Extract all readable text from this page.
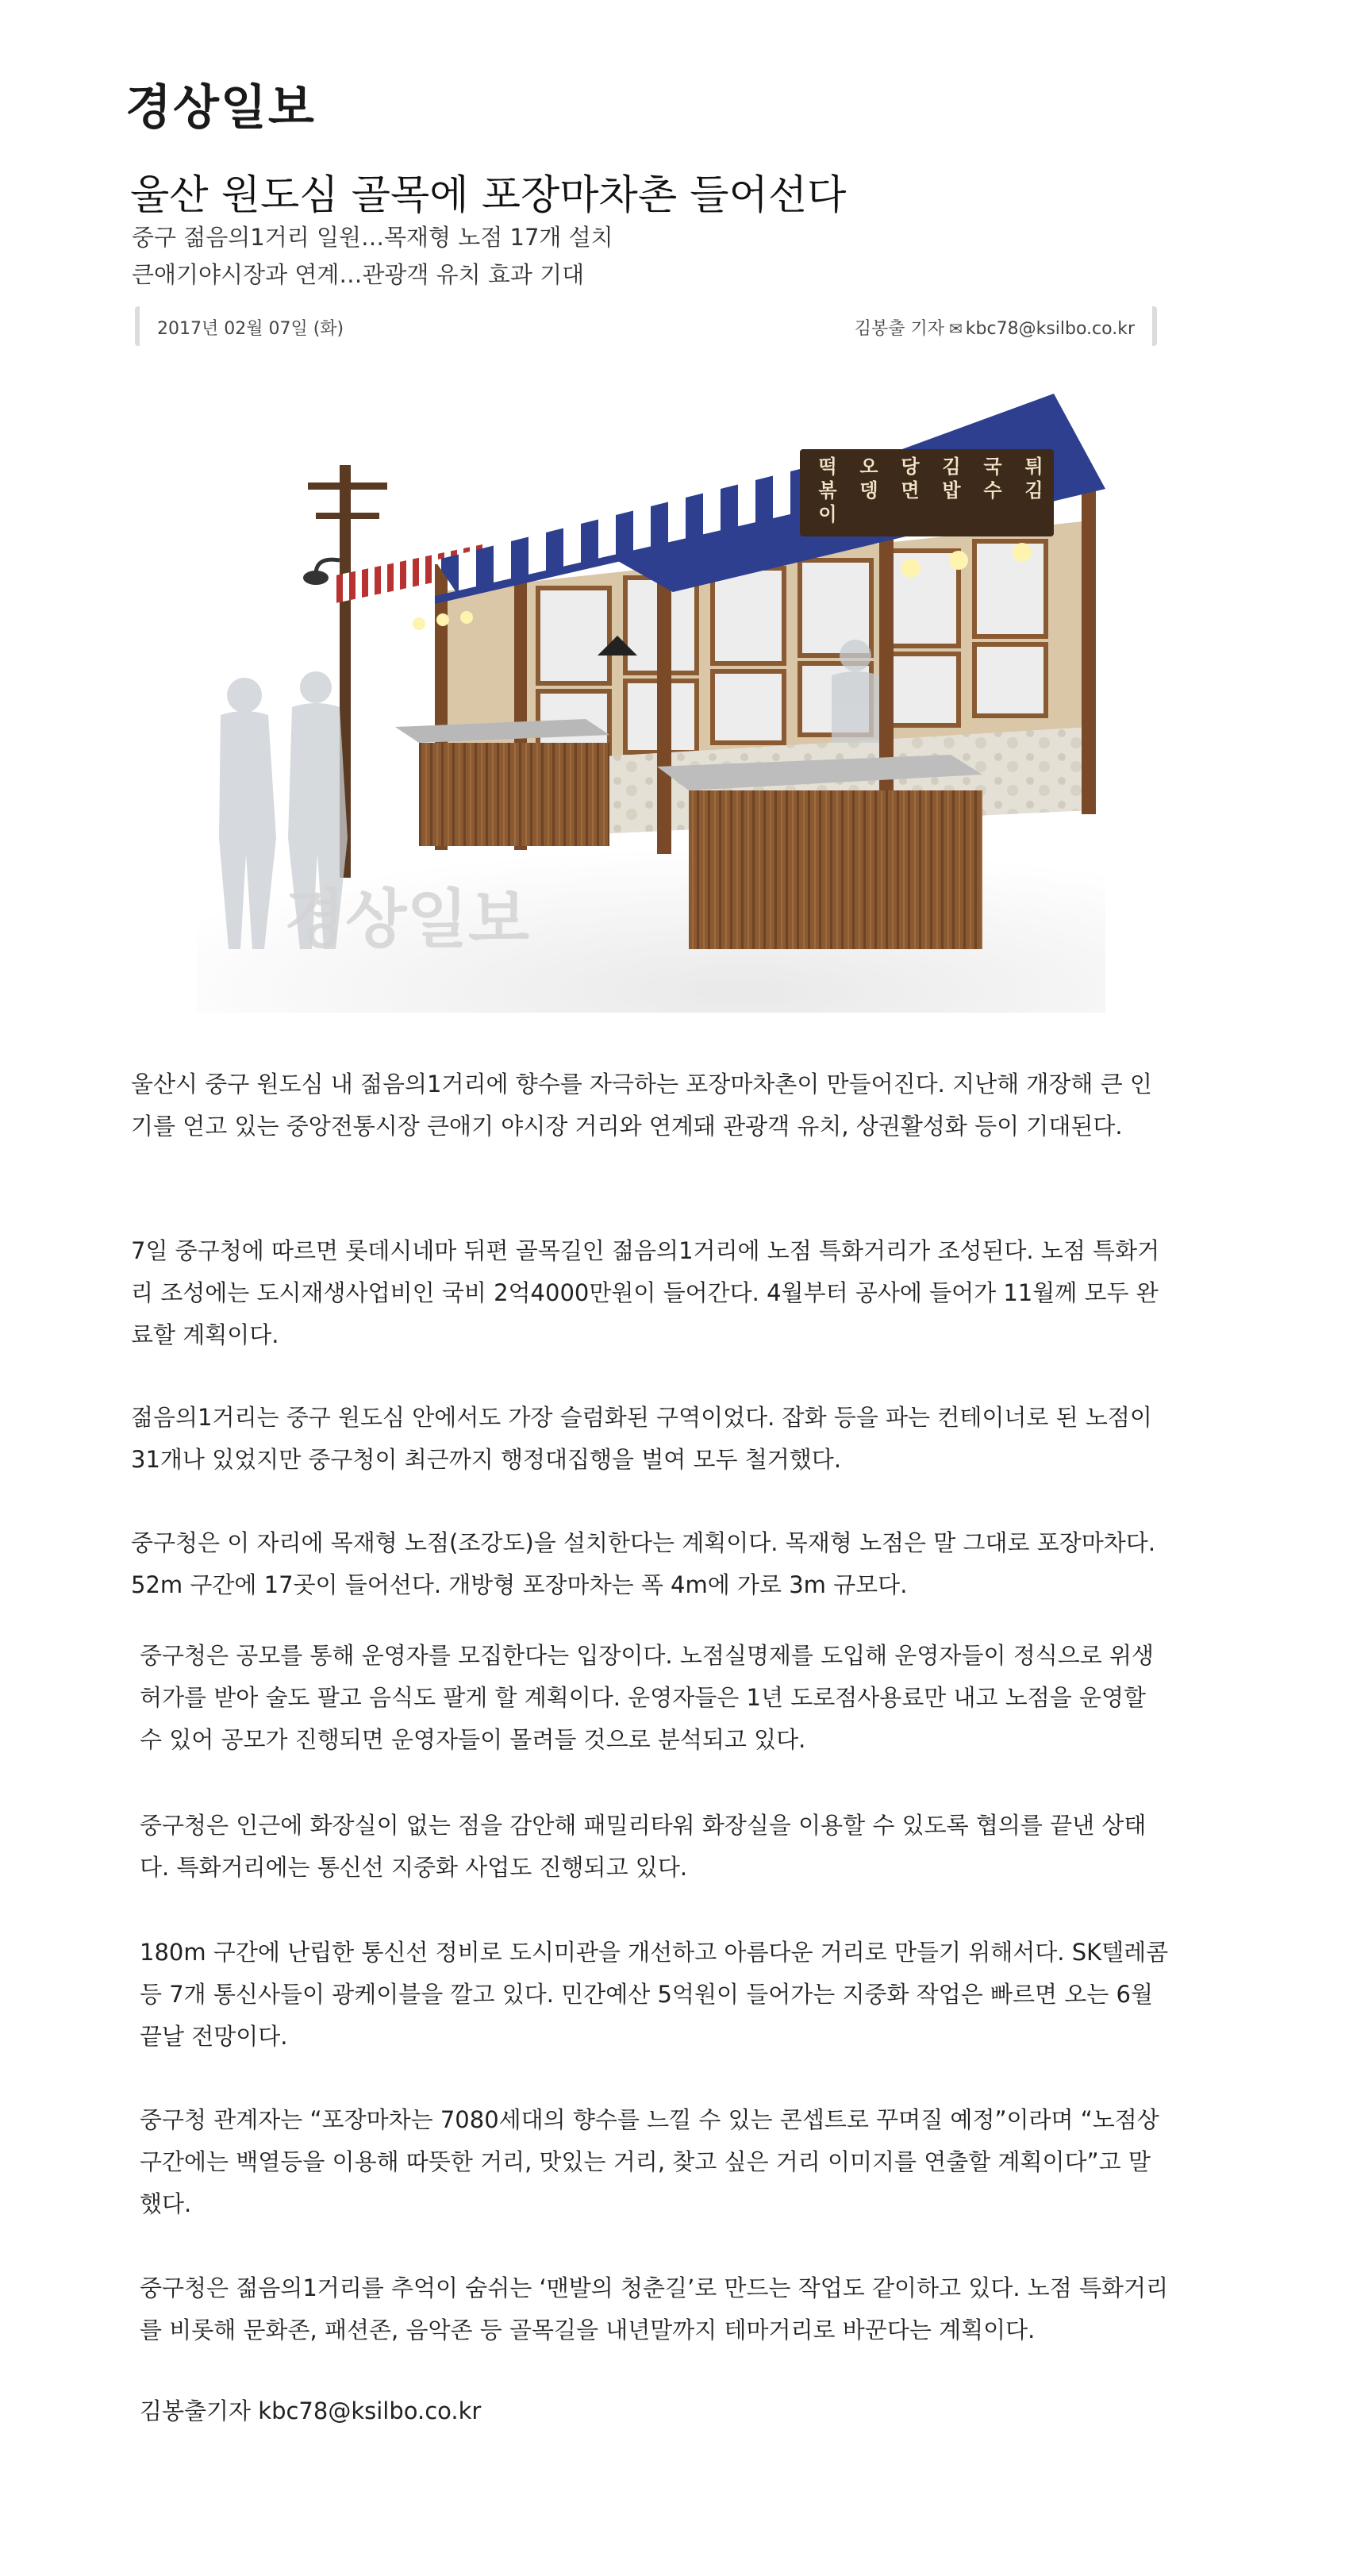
경상일보
울산 원도심 골목에 포장마차촌 들어선다
중구 젊음의1거리 일원…목재형 노점 17개 설치
큰애기야시장과 연계…관광객 유치 효과 기대
2017년 02월 07일 (화)	김봉출 기자 ✉ kbc78@ksilbo.co.kr
경상일보
튀 김
국 수
김 밥
당 면
오 뎅
떡 볶 이

울산시 중구 원도심 내 젊음의1거리에 향수를 자극하는 포장마차촌이 만들어진다. 지난해 개장해 큰 인기를 얻고 있는 중앙전통시장 큰애기 야시장 거리와 연계돼 관광객 유치, 상권활성화 등이 기대된다.

7일 중구청에 따르면 롯데시네마 뒤편 골목길인 젊음의1거리에 노점 특화거리가 조성된다. 노점 특화거리 조성에는 도시재생사업비인 국비 2억4000만원이 들어간다. 4월부터 공사에 들어가 11월께 모두 완료할 계획이다.

젊음의1거리는 중구 원도심 안에서도 가장 슬럼화된 구역이었다. 잡화 등을 파는 컨테이너로 된 노점이 31개나 있었지만 중구청이 최근까지 행정대집행을 벌여 모두 철거했다.

중구청은 이 자리에 목재형 노점(조강도)을 설치한다는 계획이다. 목재형 노점은 말 그대로 포장마차다. 52m 구간에 17곳이 들어선다. 개방형 포장마차는 폭 4m에 가로 3m 규모다.

중구청은 공모를 통해 운영자를 모집한다는 입장이다. 노점실명제를 도입해 운영자들이 정식으로 위생허가를 받아 술도 팔고 음식도 팔게 할 계획이다. 운영자들은 1년 도로점사용료만 내고 노점을 운영할 수 있어 공모가 진행되면 운영자들이 몰려들 것으로 분석되고 있다.

중구청은 인근에 화장실이 없는 점을 감안해 패밀리타워 화장실을 이용할 수 있도록 협의를 끝낸 상태다. 특화거리에는 통신선 지중화 사업도 진행되고 있다.

180m 구간에 난립한 통신선 정비로 도시미관을 개선하고 아름다운 거리로 만들기 위해서다. SK텔레콤 등 7개 통신사들이 광케이블을 깔고 있다. 민간예산 5억원이 들어가는 지중화 작업은 빠르면 오는 6월 끝날 전망이다.

중구청 관계자는 “포장마차는 7080세대의 향수를 느낄 수 있는 콘셉트로 꾸며질 예정”이라며 “노점상 구간에는 백열등을 이용해 따뜻한 거리, 맛있는 거리, 찾고 싶은 거리 이미지를 연출할 계획이다”고 말했다.

중구청은 젊음의1거리를 추억이 숨쉬는 ‘맨발의 청춘길’로 만드는 작업도 같이하고 있다. 노점 특화거리를 비롯해 문화존, 패션존, 음악존 등 골목길을 내년말까지 테마거리로 바꾼다는 계획이다.

김봉출기자 kbc78@ksilbo.co.kr
